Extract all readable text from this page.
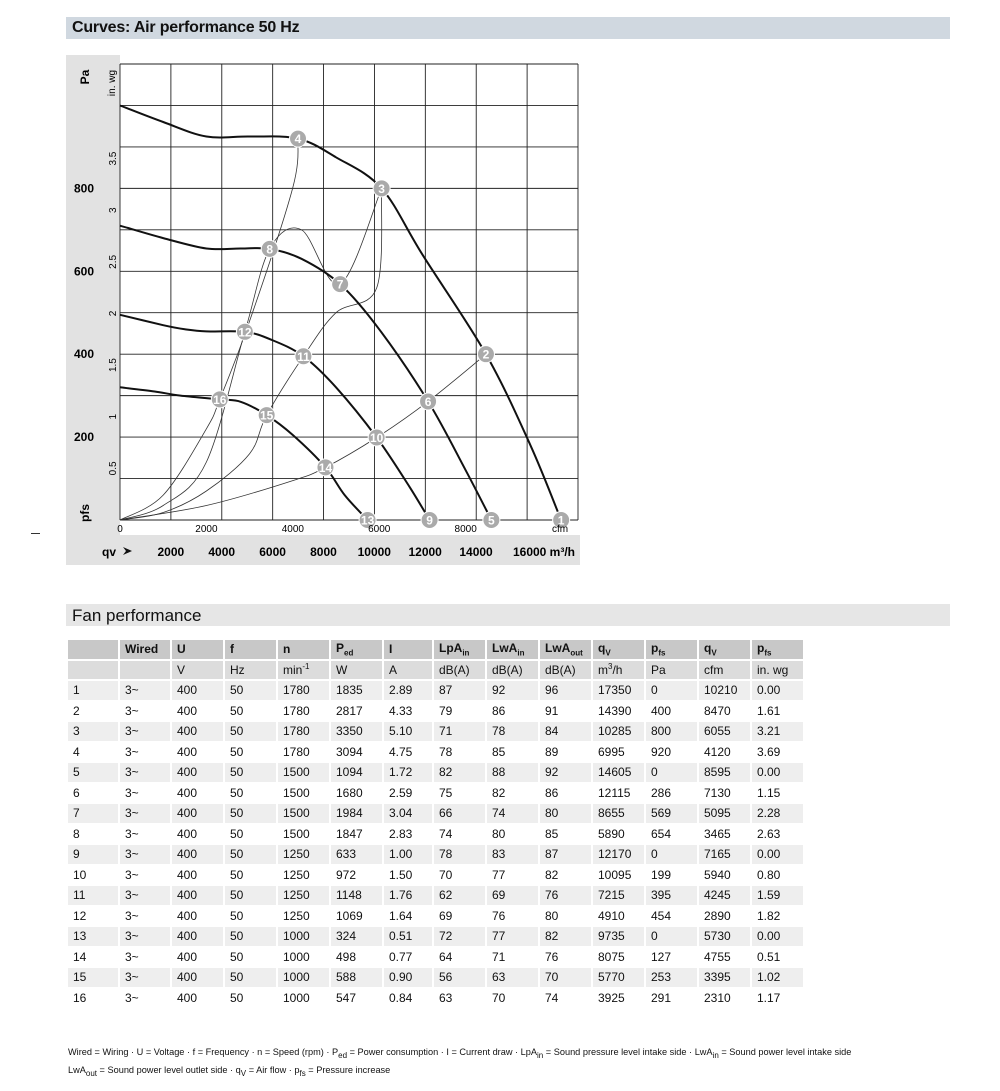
Curves: Air performance 50 Hz
1
2
3
4
5
6
7
8
9
10
11
12
13
14
15
16
200
400
600
800
0.5
1
1.5
2
2.5
3
3.5
Pa in. wg
pfs
0	2000	4000	6000	8000	cfm
qv	2000 4000 6000 8000 10000 12000 14000 16000 m³/h
Fan performance
	Wired	U	f	n	$P_{ed}$	I	LpA$_{in}$	LwA$_{in}$	LwA$_{out}$	$q_V$	$p_{fs}$	$q_V$	$p_{fs}$
		V	Hz	$\min^{-1}$	W	A	dB(A)	dB(A)	dB(A)	$m^3/h$	Pa	cfm	in. wg
1	3~	400	50	1780	1835	2.89	87	92	96	17350	0	10210	0.00
2	3~	400	50	1780	2817	4.33	79	86	91	14390	400	8470	1.61
3	3~	400	50	1780	3350	5.10	71	78	84	10285	800	6055	3.21
4	3~	400	50	1780	3094	4.75	78	85	89	6995	920	4120	3.69
5	3~	400	50	1500	1094	1.72	82	88	92	14605	0	8595	0.00
6	3~	400	50	1500	1680	2.59	75	82	86	12115	286	7130	1.15
7	3~	400	50	1500	1984	3.04	66	74	80	8655	569	5095	2.28
8	3~	400	50	1500	1847	2.83	74	80	85	5890	654	3465	2.63
9	3~	400	50	1250	633	1.00	78	83	87	12170	0	7165	0.00
10	3~	400	50	1250	972	1.50	70	77	82	10095	199	5940	0.80
11	3~	400	50	1250	1148	1.76	62	69	76	7215	395	4245	1.59
12	3~	400	50	1250	1069	1.64	69	76	80	4910	454	2890	1.82
13	3~	400	50	1000	324	0.51	72	77	82	9735	0	5730	0.00
14	3~	400	50	1000	498	0.77	64	71	76	8075	127	4755	0.51
15	3~	400	50	1000	588	0.90	56	63	70	5770	253	3395	1.02
16	3~	400	50	1000	547	0.84	63	70	74	3925	291	2310	1.17
Wired = Wiring · U = Voltage · f = Frequency · n = Speed $(rpm) \cdot P_{ed}$ = Power consumption · I = Current draw · LpA$_{in}$ = Sound pressure level intake side · LwA$_{in}$ = Sound power level intake side
LwA$_{out}$ = Sound power level outlet side · $q_V$ = Air flow · $p_{fs}$ = Pressure increase
